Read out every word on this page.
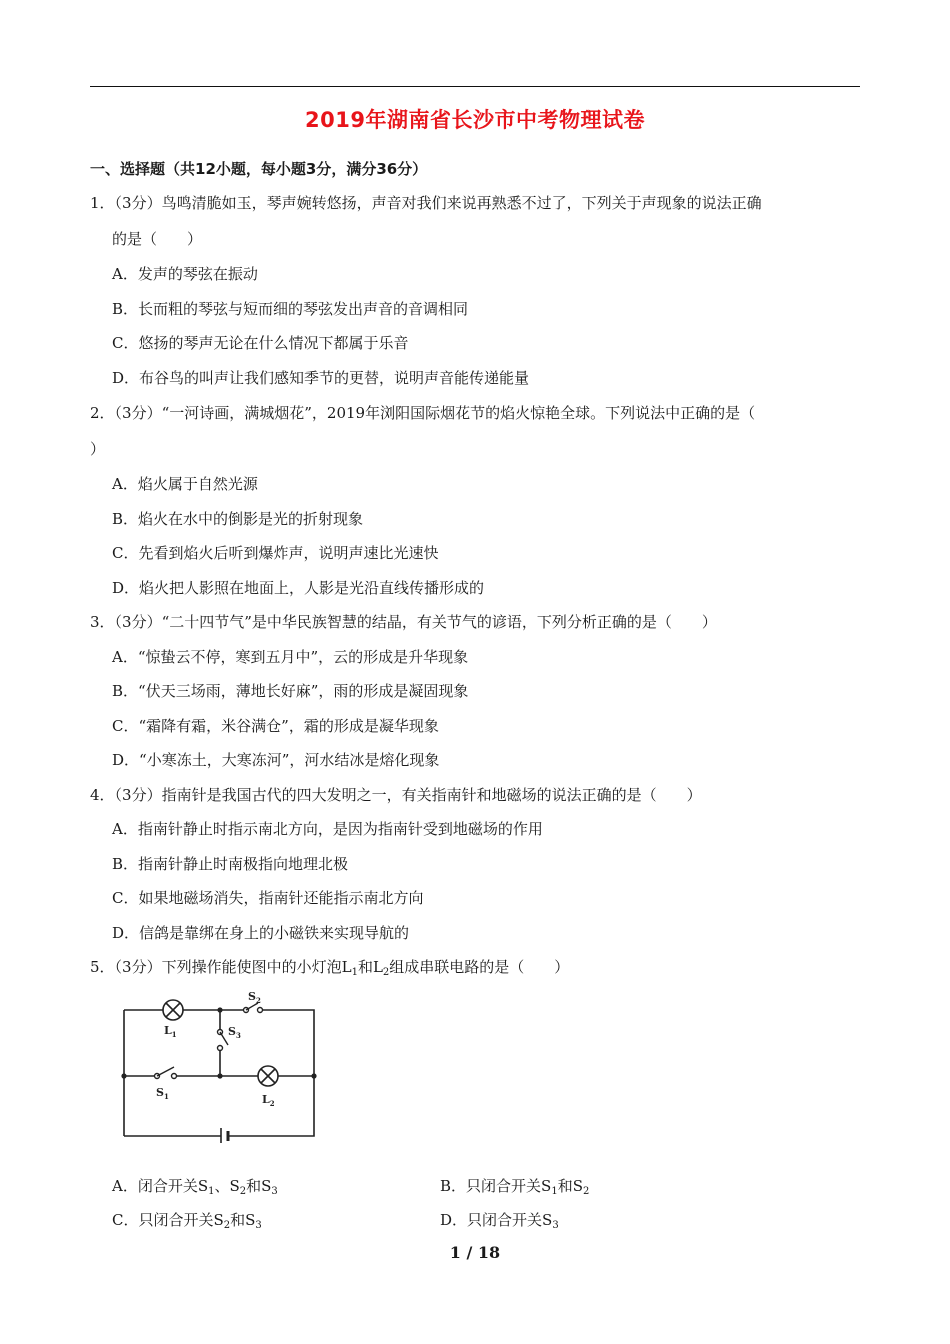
2019年湖南省长沙市中考物理试卷
一、选择题（共12小题，每小题3分，满分36分）
1．（3分）鸟鸣清脆如玉，琴声婉转悠扬，声音对我们来说再熟悉不过了，下列关于声现象的说法正确
的是（　　）
A．发声的琴弦在振动
B．长而粗的琴弦与短而细的琴弦发出声音的音调相同
C．悠扬的琴声无论在什么情况下都属于乐音
D．布谷鸟的叫声让我们感知季节的更替，说明声音能传递能量
2．（3分）“一河诗画，满城烟花”，2019年浏阳国际烟花节的焰火惊艳全球。下列说法中正确的是（
）
A．焰火属于自然光源
B．焰火在水中的倒影是光的折射现象
C．先看到焰火后听到爆炸声，说明声速比光速快
D．焰火把人影照在地面上，人影是光沿直线传播形成的
3．（3分）“二十四节气”是中华民族智慧的结晶，有关节气的谚语，下列分析正确的是（　　）
A．“惊蛰云不停，寒到五月中”，云的形成是升华现象
B．“伏天三场雨，薄地长好麻”，雨的形成是凝固现象
C．“霜降有霜，米谷满仓”，霜的形成是凝华现象
D．“小寒冻土，大寒冻河”，河水结冰是熔化现象
4．（3分）指南针是我国古代的四大发明之一，有关指南针和地磁场的说法正确的是（　　）
A．指南针静止时指示南北方向，是因为指南针受到地磁场的作用
B．指南针静止时南极指向地理北极
C．如果地磁场消失，指南针还能指示南北方向
D．信鸽是靠绑在身上的小磁铁来实现导航的
5．（3分）下列操作能使图中的小灯泡$L_1$和$L_2$组成串联电路的是（　　）
$L_1$
$S_2$
$S_3$
$S_1$	$L_2$
A．闭合开关$S_1$、$S_2$和$S_3$	B．只闭合开关$S_1$和$S_2$
C．只闭合开关$S_2$和$S_3$	D．只闭合开关$S_3$
1 / 18
